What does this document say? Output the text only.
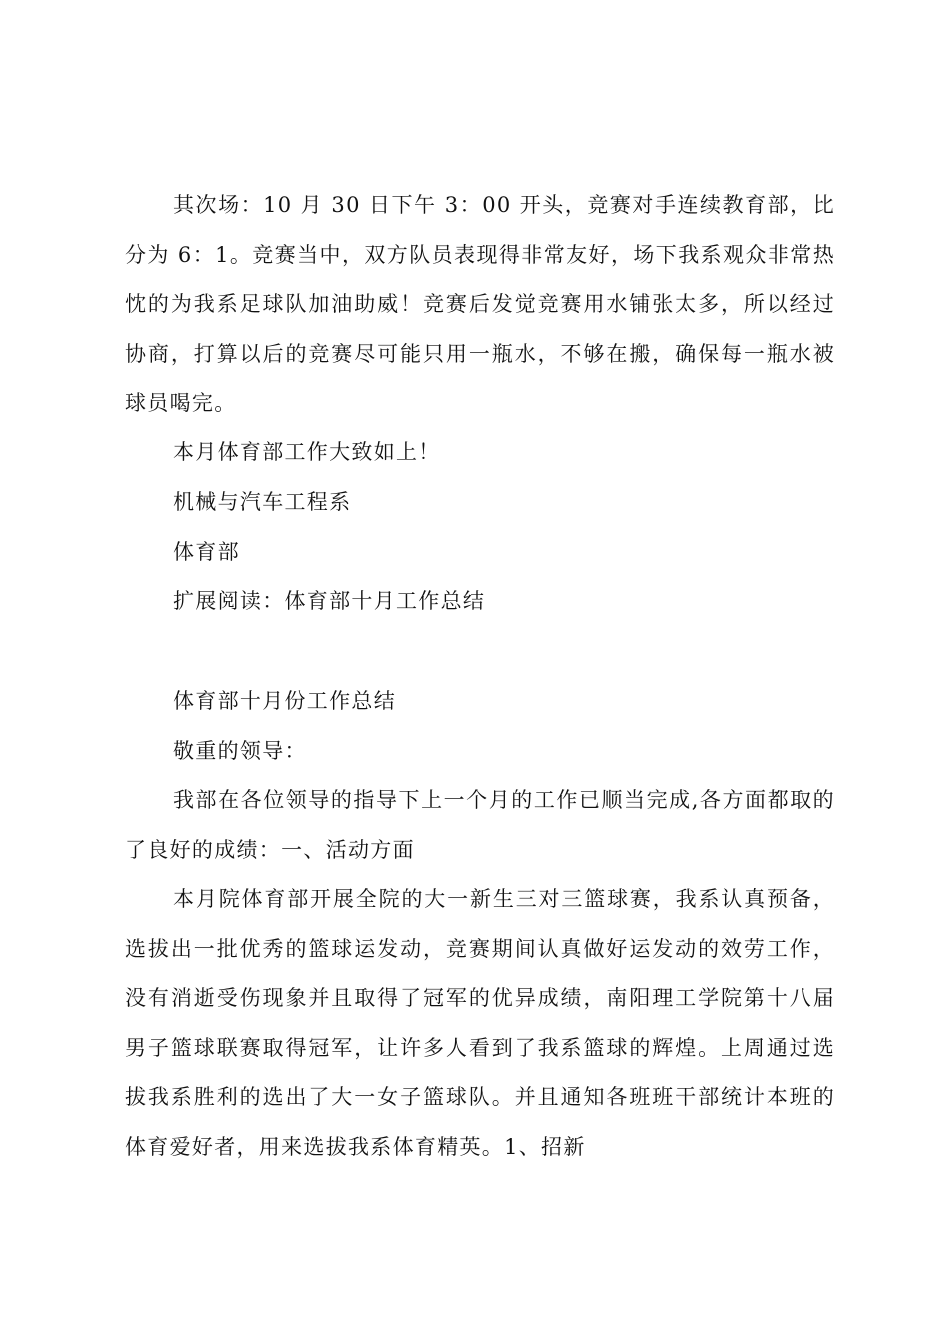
其次场：10 月 30 日下午 3：00 开头，竞赛对手连续教育部，比分为 6：1。竞赛当中，双方队员表现得非常友好，场下我系观众非常热忱的为我系足球队加油助威！竞赛后发觉竞赛用水铺张太多，所以经过协商，打算以后的竞赛尽可能只用一瓶水，不够在搬，确保每一瓶水被球员喝完。

本月体育部工作大致如上！

机械与汽车工程系

体育部

扩展阅读：体育部十月工作总结

体育部十月份工作总结

敬重的领导：

我部在各位领导的指导下上一个月的工作已顺当完成,各方面都取的了良好的成绩：一、活动方面

本月院体育部开展全院的大一新生三对三篮球赛，我系认真预备，选拔出一批优秀的篮球运发动，竞赛期间认真做好运发动的效劳工作，没有消逝受伤现象并且取得了冠军的优异成绩，南阳理工学院第十八届男子篮球联赛取得冠军，让许多人看到了我系篮球的辉煌。上周通过选拔我系胜利的选出了大一女子篮球队。并且通知各班班干部统计本班的体育爱好者，用来选拔我系体育精英。1、招新
